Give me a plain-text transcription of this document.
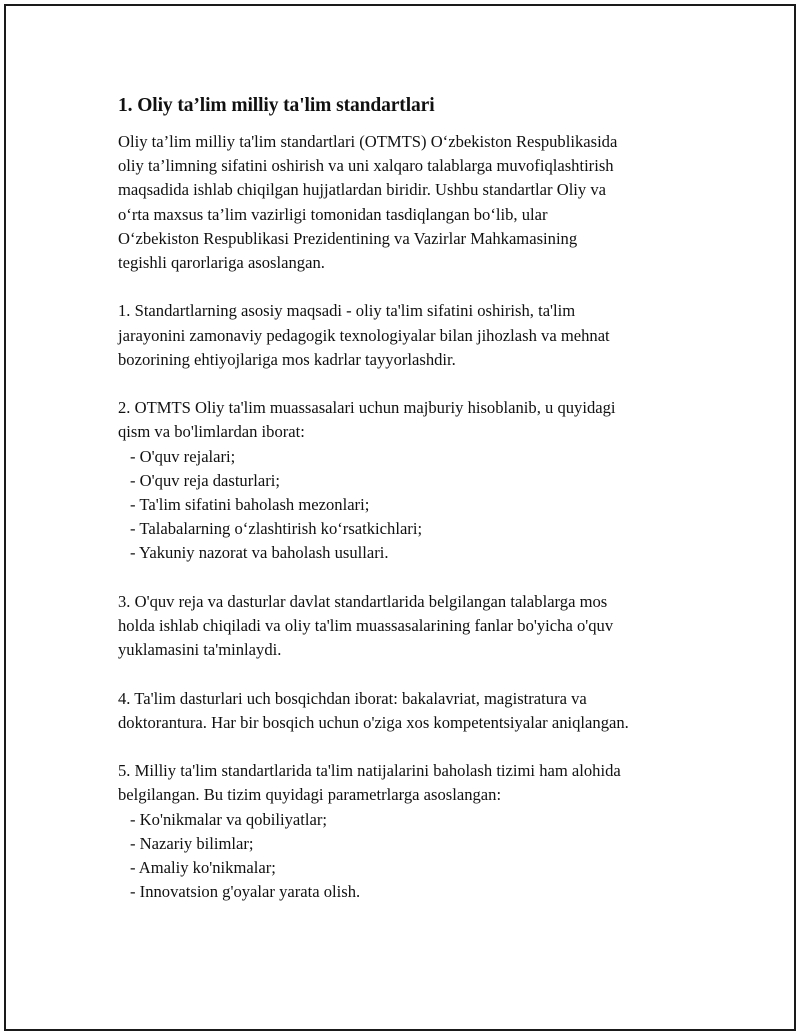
1. Oliy ta’lim milliy ta'lim standartlari

Oliy ta’lim milliy ta'lim standartlari (OTMTS) O‘zbekiston Respublikasida
oliy ta’limning sifatini oshirish va uni xalqaro talablarga muvofiqlashtirish
maqsadida ishlab chiqilgan hujjatlardan biridir. Ushbu standartlar Oliy va
o‘rta maxsus ta’lim vazirligi tomonidan tasdiqlangan bo‘lib, ular
O‘zbekiston Respublikasi Prezidentining va Vazirlar Mahkamasining
tegishli qarorlariga asoslangan.

1. Standartlarning asosiy maqsadi - oliy ta'lim sifatini oshirish, ta'lim
jarayonini zamonaviy pedagogik texnologiyalar bilan jihozlash va mehnat
bozorining ehtiyojlariga mos kadrlar tayyorlashdir.

2. OTMTS Oliy ta'lim muassasalari uchun majburiy hisoblanib, u quyidagi
qism va bo'limlardan iborat:
- O'quv rejalari;
- O'quv reja dasturlari;
- Ta'lim sifatini baholash mezonlari;
- Talabalarning o‘zlashtirish ko‘rsatkichlari;
- Yakuniy nazorat va baholash usullari.

3. O'quv reja va dasturlar davlat standartlarida belgilangan talablarga mos
holda ishlab chiqiladi va oliy ta'lim muassasalarining fanlar bo'yicha o'quv
yuklamasini ta'minlaydi.

4. Ta'lim dasturlari uch bosqichdan iborat: bakalavriat, magistratura va
doktorantura. Har bir bosqich uchun o'ziga xos kompetentsiyalar aniqlangan.

5. Milliy ta'lim standartlarida ta'lim natijalarini baholash tizimi ham alohida
belgilangan. Bu tizim quyidagi parametrlarga asoslangan:
- Ko'nikmalar va qobiliyatlar;
- Nazariy bilimlar;
- Amaliy ko'nikmalar;
- Innovatsion g'oyalar yarata olish.
